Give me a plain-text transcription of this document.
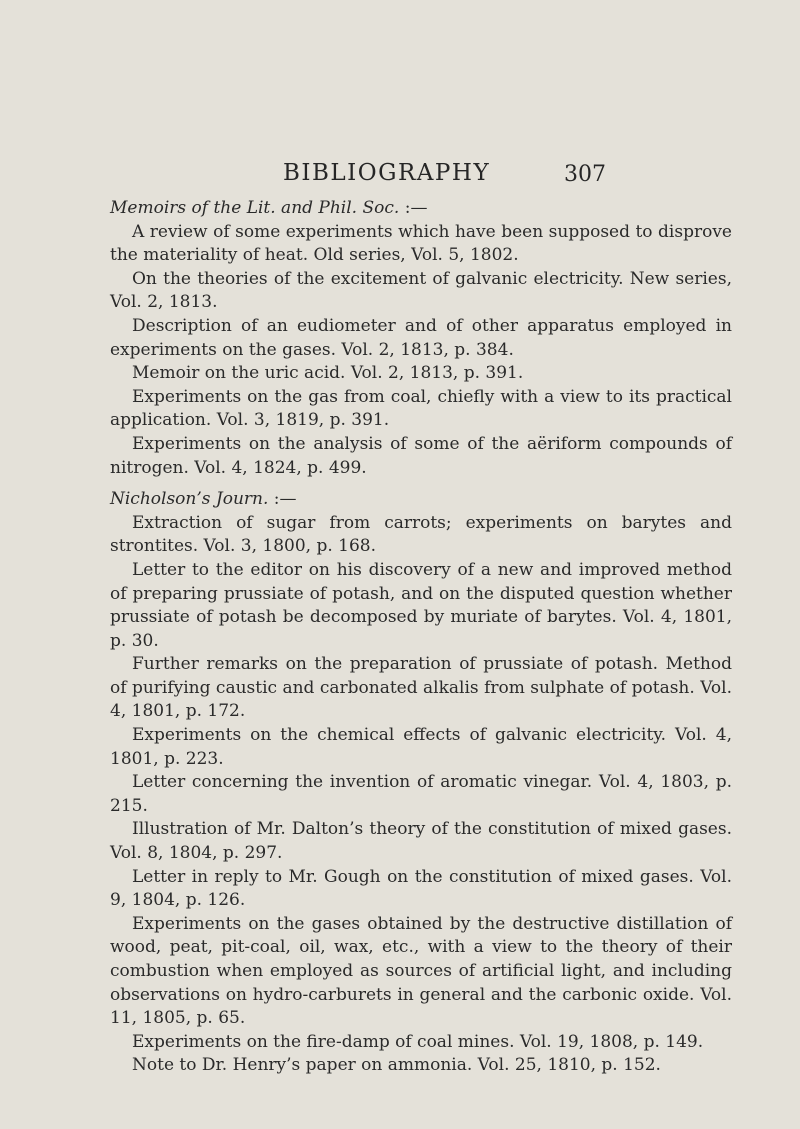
BIBLIOGRAPHY	307

Memoirs of the Lit. and Phil. Soc. :—

A review of some experiments which have been supposed to disprove the materiality of heat. Old series, Vol. 5, 1802.

On the theories of the excitement of galvanic electricity. New series, Vol. 2, 1813.

Description of an eudiometer and of other apparatus employed in experiments on the gases. Vol. 2, 1813, p. 384.

Memoir on the uric acid. Vol. 2, 1813, p. 391.

Experiments on the gas from coal, chiefly with a view to its practical application. Vol. 3, 1819, p. 391.

Experiments on the analysis of some of the aëriform compounds of nitrogen. Vol. 4, 1824, p. 499.

Nicholson’s Journ. :—

Extraction of sugar from carrots; experiments on barytes and strontites. Vol. 3, 1800, p. 168.

Letter to the editor on his discovery of a new and improved method of preparing prussiate of potash, and on the disputed question whether prussiate of potash be decomposed by muriate of barytes. Vol. 4, 1801, p. 30.

Further remarks on the preparation of prussiate of potash. Method of purifying caustic and carbonated alkalis from sulphate of potash. Vol. 4, 1801, p. 172.

Experiments on the chemical effects of galvanic electricity. Vol. 4, 1801, p. 223.

Letter concerning the invention of aromatic vinegar. Vol. 4, 1803, p. 215.

Illustration of Mr. Dalton’s theory of the constitution of mixed gases. Vol. 8, 1804, p. 297.

Letter in reply to Mr. Gough on the constitution of mixed gases. Vol. 9, 1804, p. 126.

Experiments on the gases obtained by the destructive distillation of wood, peat, pit-coal, oil, wax, etc., with a view to the theory of their combustion when employed as sources of artificial light, and including observations on hydro-carburets in general and the carbonic oxide. Vol. 11, 1805, p. 65.

Experiments on the fire-damp of coal mines. Vol. 19, 1808, p. 149.

Note to Dr. Henry’s paper on ammonia. Vol. 25, 1810, p. 152.
